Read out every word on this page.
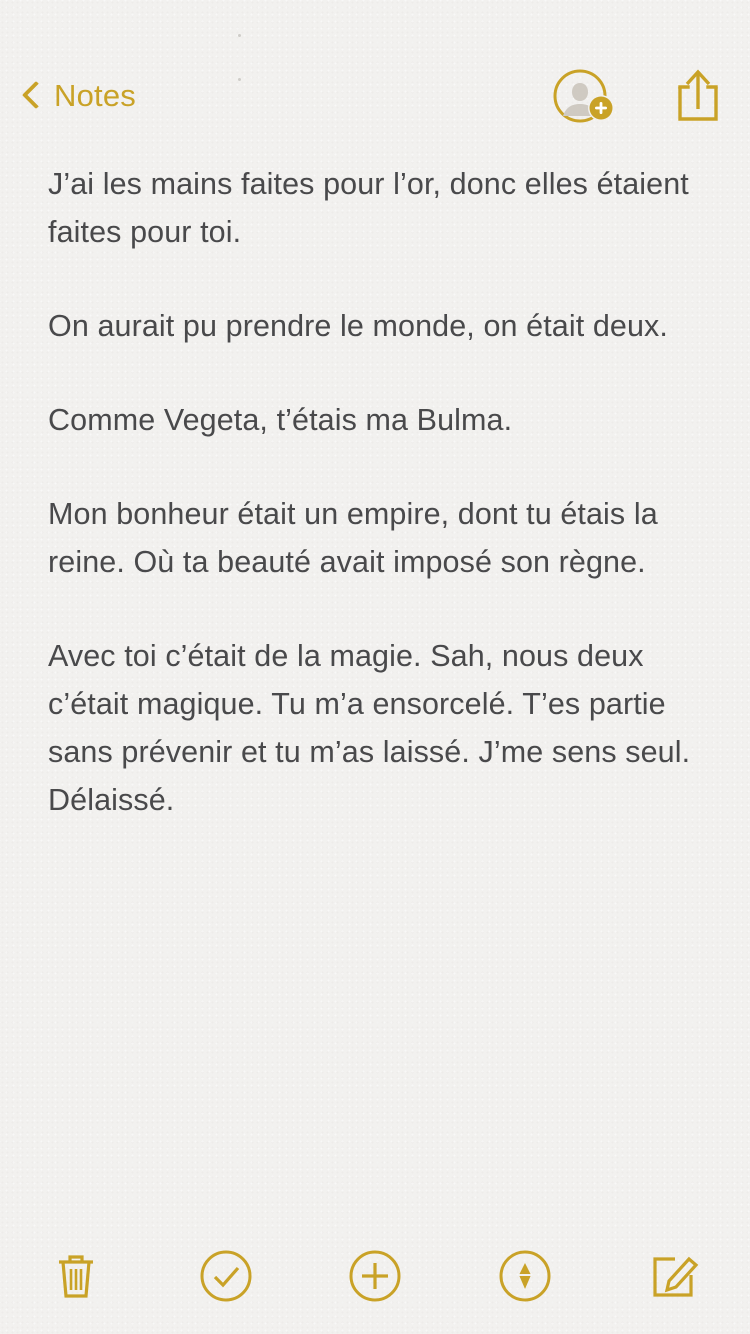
Notes

J’ai les mains faites pour l’or, donc elles étaient faites pour toi.

On aurait pu prendre le monde, on était deux.

Comme Vegeta, t’étais ma Bulma.

Mon bonheur était un empire, dont tu étais la reine. Où ta beauté avait imposé son règne.

Avec toi c’était de la magie. Sah, nous deux c’était magique. Tu m’a ensorcelé. T’es partie sans prévenir et tu m’as laissé. J’me sens seul. Délaissé.
